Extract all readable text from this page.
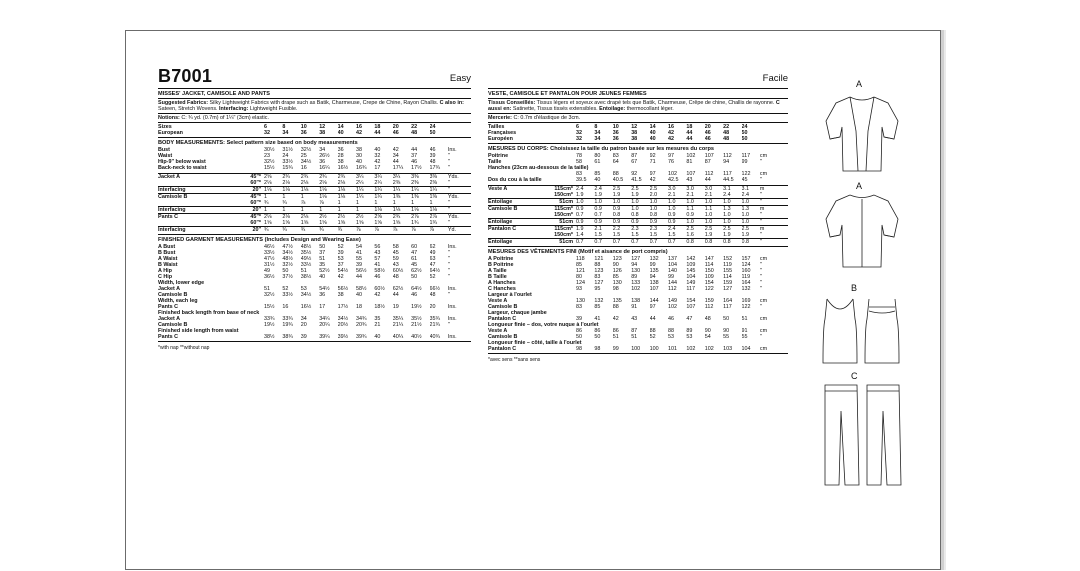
B7001	Easy
MISSES' JACKET, CAMISOLE AND PANTS
Suggested Fabrics: Silky Lightweight Fabrics with drape such as Batik, Charmeuse, Crepe de Chine, Rayon Challis. C also in: Sateen, Stretch Wovens. Interfacing: Lightweight Fusible.
Notions: C: ¾ yd. (0.7m) of 1¼" (3cm) elastic.
Sizes		6	8	10	12	14	16	18	20	22	24	
European		32	34	36	38	40	42	44	46	48	50	
BODY MEASUREMENTS: Select pattern size based on body measurements
Bust		30½	31½	32½	34	36	38	40	42	44	46	Ins.
Waist		23	24	25	26½	28	30	32	34	37	39	"
Hip-9" below waist		32½	33½	34½	36	38	40	42	44	46	48	"
Back-neck to waist		15½	15¾	16	16¼	16½	16¾	17	17¼	17½	17¾	"
Jacket A	45"*	2⅝	2¾	2¾	2¾	2¾	3¼	3¼	3¼	3⅜	3⅜	Yds.
	60"*	2⅛	2⅛	2⅛	2⅛	2⅛	2¼	2¼	2⅜	2⅜	2⅜	"
Interfacing	20"	1⅛	1⅛	1⅛	1⅛	1⅛	1¼	1¼	1¼	1¼	1¼	"
Camisole B	45"*	1	1	1	1⅛	1⅛	1¼	1¼	1⅜	1⅜	1⅜	Yds.
	60"*	¾	¾	⅞	⅞	1	1	1	1	1	1	"
Interfacing	20"	1	1	1	1	1	1	1⅛	1⅛	1⅛	1⅛	"
Pants C	45"*	2⅛	2⅛	2⅛	2½	2½	2½	2⅝	2¾	2⅞	2⅞	Yds.
	60"*	1⅝	1⅝	1⅝	1⅝	1⅝	1⅝	1⅝	1⅝	1¾	1¾	"
Interfacing	20"	¾	¾	¾	¾	¾	⅞	⅞	⅞	⅞	⅞	Yd.
FINISHED GARMENT MEASUREMENTS (Includes Design and Wearing Ease)
A Bust		46½	47½	48½	50	52	54	56	58	60	62	Ins.
B Bust		33½	34½	35½	37	39	41	43	45	47	49	"
A Waist		47½	48½	49½	51	53	55	57	59	61	63	"
B Waist		31½	32½	33½	35	37	39	41	43	45	47	"
A Hip		49	50	51	52½	54½	56½	58½	60½	62½	64½	"
C Hip		36½	37½	38½	40	42	44	46	48	50	52	"
Width, lower edge												
Jacket A		51	52	53	54½	56½	58½	60½	62½	64½	66½	Ins.
Camisole B		32½	33½	34½	36	38	40	42	44	46	48	"
Width, each leg												
Pants C		15½	16	16½	17	17½	18	18½	19	19½	20	Ins.
Finished back length from base of neck												
Jacket A		33¾	33¾	34	34¼	34½	34¾	35	35¼	35½	35¾	Ins.
Camisole B		19½	19¾	20	20¼	20½	20¾	21	21¼	21½	21¾	"
Finished side length from waist												
Pants C		38½	38¾	39	39¼	39½	39¾	40	40¼	40½	40¾	Ins.
*with nap **without nap
Facile
VESTE, CAMISOLE ET PANTALON POUR JEUNES FEMMES
Tissus Conseillés: Tissus légers et soyeux avec drapé tels que Batik, Charmeuse, Crêpe de chine, Challis de rayonne. C aussi en: Satinette, Tissus tissés extensibles. Entoilage: thermocollant léger.
Mercerie: C: 0.7m d'élastique de 3cm.
Tailles		6	8	10	12	14	16	18	20	22	24	
Françaises		32	34	36	38	40	42	44	46	48	50	
Européen		32	34	36	38	40	42	44	46	48	50	
MESURES DU CORPS: Choisissez la taille du patron basée sur les mesures du corps
Poitrine		78	80	83	87	92	97	102	107	112	117	cm
Taille		58	61	64	67	71	76	81	87	94	99	"
Hanches (23cm au-dessous de la taille)												
		83	85	88	92	97	102	107	112	117	122	cm
Dos du cou à la taille		39.5	40	40.5	41.5	42	42.5	43	44	44.5	45	"
Veste A	115cm*	2.4	2.4	2.5	2.5	2.5	3.0	3.0	3.0	3.1	3.1	m
	150cm*	1.9	1.9	1.9	1.9	2.0	2.1	2.1	2.1	2.4	2.4	"
Entoilage	51cm	1.0	1.0	1.0	1.0	1.0	1.0	1.0	1.0	1.0	1.0	"
Camisole B	115cm*	0.9	0.9	0.9	1.0	1.0	1.0	1.1	1.1	1.3	1.3	m
	150cm*	0.7	0.7	0.8	0.8	0.8	0.9	0.9	1.0	1.0	1.0	"
Entoilage	51cm	0.9	0.9	0.9	0.9	0.9	0.9	1.0	1.0	1.0	1.0	"
Pantalon C	115cm*	1.9	2.1	2.2	2.3	2.3	2.4	2.5	2.5	2.5	2.5	m
	150cm*	1.4	1.5	1.5	1.5	1.5	1.5	1.6	1.9	1.9	1.9	"
Entoilage	51cm	0.7	0.7	0.7	0.7	0.7	0.7	0.8	0.8	0.8	0.8	"
MESURES DES VÊTEMENTS FINI (Motif et aisance de port compris)
A Poitrine		118	121	123	127	132	137	142	147	152	157	cm
B Poitrine		85	88	90	94	99	104	109	114	119	124	"
A Taille		121	123	126	130	135	140	145	150	155	160	"
B Taille		80	83	85	89	94	99	104	109	114	119	"
A Hanches		124	127	130	133	138	144	149	154	159	164	"
C Hanches		93	95	98	102	107	112	117	122	127	132	"
Largeur à l'ourlet												
Veste A		130	132	135	138	144	149	154	159	164	169	cm
Camisole B		83	85	88	91	97	102	107	112	117	122	"
Largeur, chaque jambe												
Pantalon C		39	41	42	43	44	46	47	48	50	51	cm
Longueur finie – dos, votre nuque à l'ourlet												
Veste A		86	86	86	87	88	88	89	90	90	91	cm
Camisole B		50	50	51	51	52	53	53	54	55	55	"
Longueur finie – côté, taille à l'ourlet												
Pantalon C		98	98	99	100	100	101	102	102	103	104	cm
*avec sens **sans sens
A
A
B
C
